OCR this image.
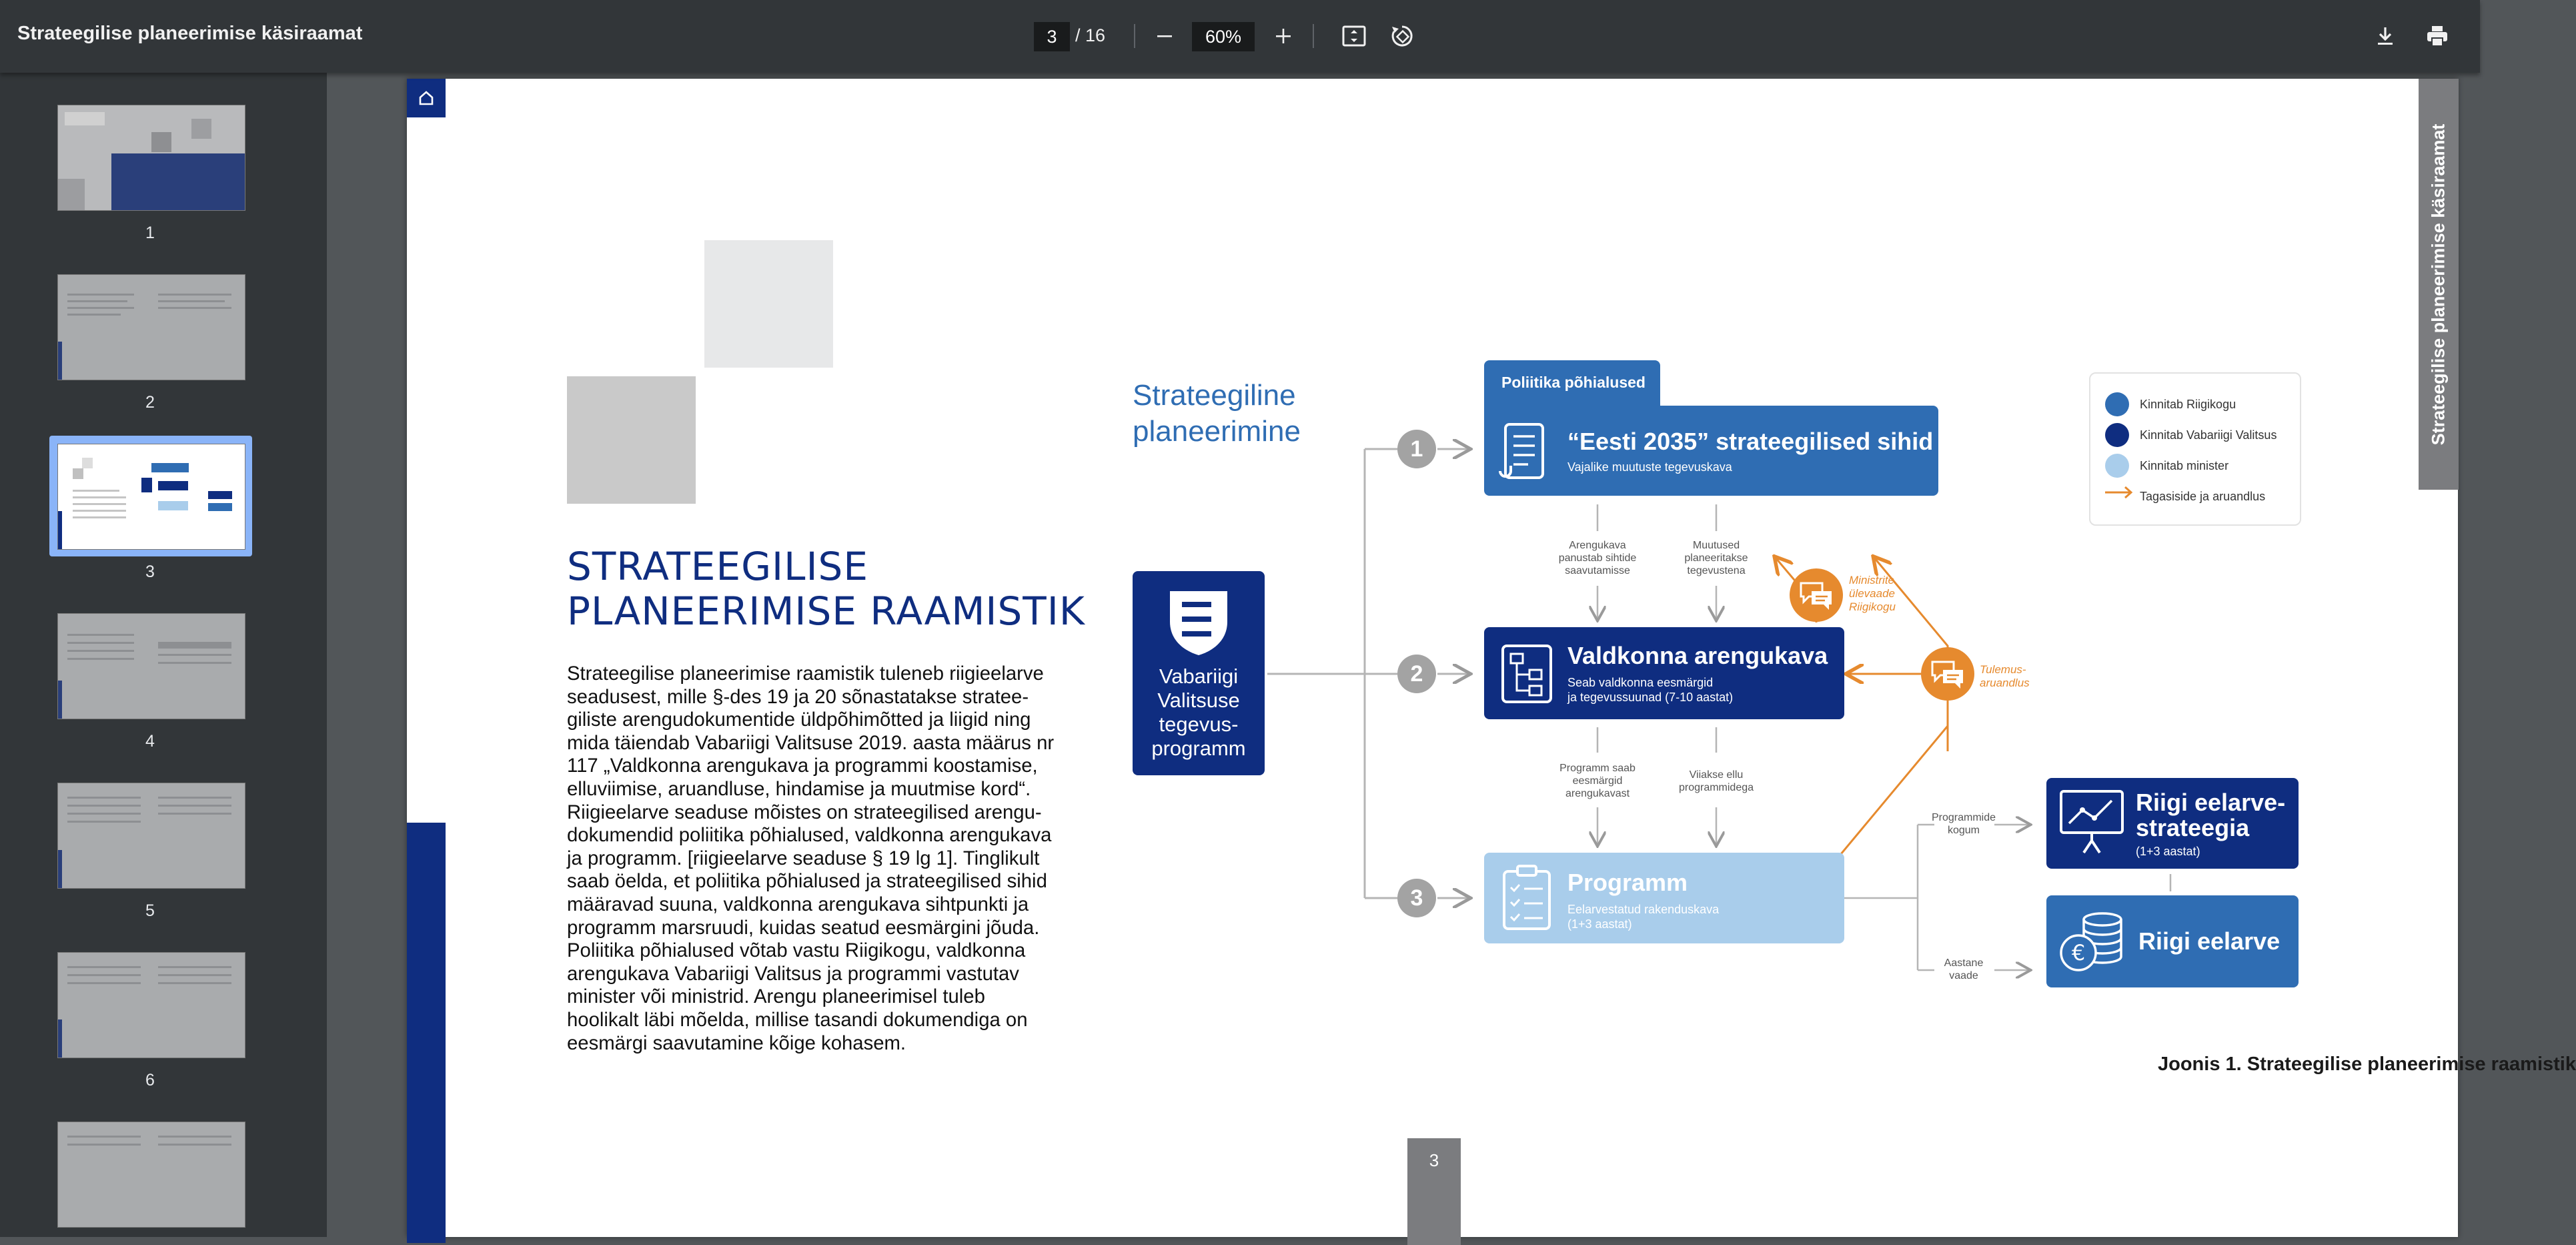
Strateegilise planeerimise käsiraamat
3	/ 16
60%
1
2
3
4
5
6
Strateegilise planeerimise käsiraamat
STRATEEGILISE
PLANEERIMISE RAAMISTIK
Strateegilise planeerimise raamistik tuleneb riigieelarve seadusest, mille §-des 19 ja 20 sõnastatakse strateegiliste arengudokumentide üldpõhimõtted ja liigid ning mida täiendab Vabariigi Valitsuse 2019. aasta määrus nr 117 „Valdkonna arengukava ja programmi koostamise, elluviimise, aruandluse, hindamise ja muutmise kord“. Riigieelarve seaduse mõistes on strateegilised arengudokumendid poliitika põhialused, valdkonna arengukava ja programm. [riigieelarve seaduse § 19 lg 1]. Tinglikult saab öelda, et poliitika põhialused ja strateegilised sihid määravad suuna, valdkonna arengukava sihtpunkti ja programm marsruudi, kuidas seatud eesmärgini jõuda. Poliitika põhialused võtab vastu Riigikogu, valdkonna arengukava Vabariigi Valitsus ja programmi vastutav minister või ministrid. Arengu planeerimisel tuleb hoolikalt läbi mõelda, millise tasandi dokumendiga on eesmärgi saavutamine kõige kohasem.
3
Joonis 1. Strateegilise planeerimise raamistik
Strateegiline
planeerimine
Vabariigi
Valitsuse
tegevus-
programm
1
2
3
Poliitika põhialused
“Eesti 2035” strateegilised sihid
Vajalike muutuste tegevuskava
Valdkonna arengukava
Seab valdkonna eesmärgid
ja tegevussuunad (7-10 aastat)
Programm
Eelarvestatud rakenduskava
(1+3 aastat)
Arengukava
panustab sihtide
saavutamisse
Muutused
planeeritakse
tegevustena
Programm saab
eesmärgid
arengukavast
Viiakse ellu
programmidega
Programmide
kogum
Aastane
vaade
Ministrite
ülevaade
Riigikogu
Tulemus-
aruandlus
Riigi eelarve-
strateegia
(1+3 aastat)
€ Riigi eelarve
Kinnitab Riigikogu
Kinnitab Vabariigi Valitsus
Kinnitab minister
Tagasiside ja aruandlus
